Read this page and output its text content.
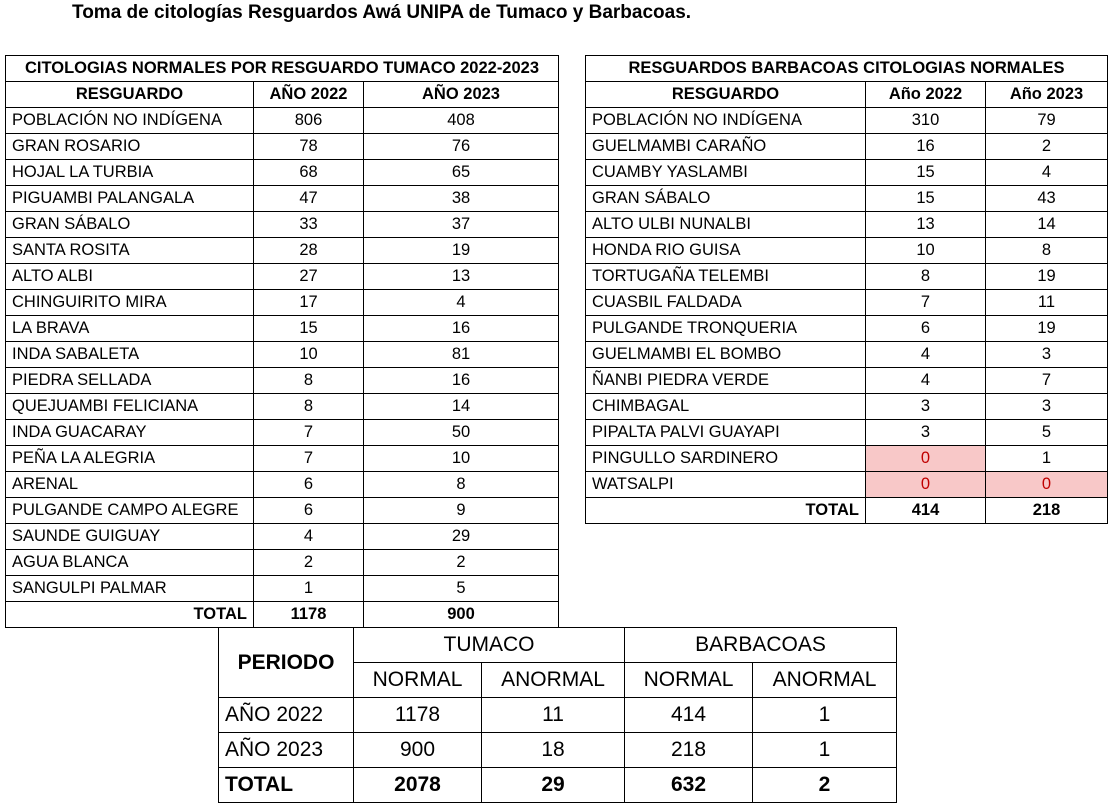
Toma de citologías Resguardos Awá UNIPA de Tumaco y Barbacoas.
CITOLOGIAS NORMALES POR RESGUARDO TUMACO 2022-2023		
RESGUARDO	AÑO 2022	AÑO 2023
POBLACIÓN NO INDÍGENA	806	408
GRAN ROSARIO	78	76
HOJAL LA TURBIA	68	65
PIGUAMBI PALANGALA	47	38
GRAN SÁBALO	33	37
SANTA ROSITA	28	19
ALTO ALBI	27	13
CHINGUIRITO MIRA	17	4
LA BRAVA	15	16
INDA SABALETA	10	81
PIEDRA SELLADA	8	16
QUEJUAMBI FELICIANA	8	14
INDA GUACARAY	7	50
PEÑA LA ALEGRIA	7	10
ARENAL	6	8
PULGANDE CAMPO ALEGRE	6	9
SAUNDE GUIGUAY	4	29
AGUA BLANCA	2	2
SANGULPI PALMAR	1	5
TOTAL	1178	900
RESGUARDOS BARBACOAS CITOLOGIAS NORMALES		
RESGUARDO	Año 2022	Año 2023
POBLACIÓN NO INDÍGENA	310	79
GUELMAMBI CARAÑO	16	2
CUAMBY YASLAMBI	15	4
GRAN SÁBALO	15	43
ALTO ULBI NUNALBI	13	14
HONDA RIO GUISA	10	8
TORTUGAÑA TELEMBI	8	19
CUASBIL FALDADA	7	11
PULGANDE TRONQUERIA	6	19
GUELMAMBI EL BOMBO	4	3
ÑANBI PIEDRA VERDE	4	7
CHIMBAGAL	3	3
PIPALTA PALVI GUAYAPI	3	5
PINGULLO SARDINERO	0	1
WATSALPI	0	0
TOTAL	414	218
PERIODO	TUMACO		BARBACOAS	
	NORMAL	ANORMAL	NORMAL	ANORMAL
AÑO 2022	1178	11	414	1
AÑO 2023	900	18	218	1
TOTAL	2078	29	632	2
